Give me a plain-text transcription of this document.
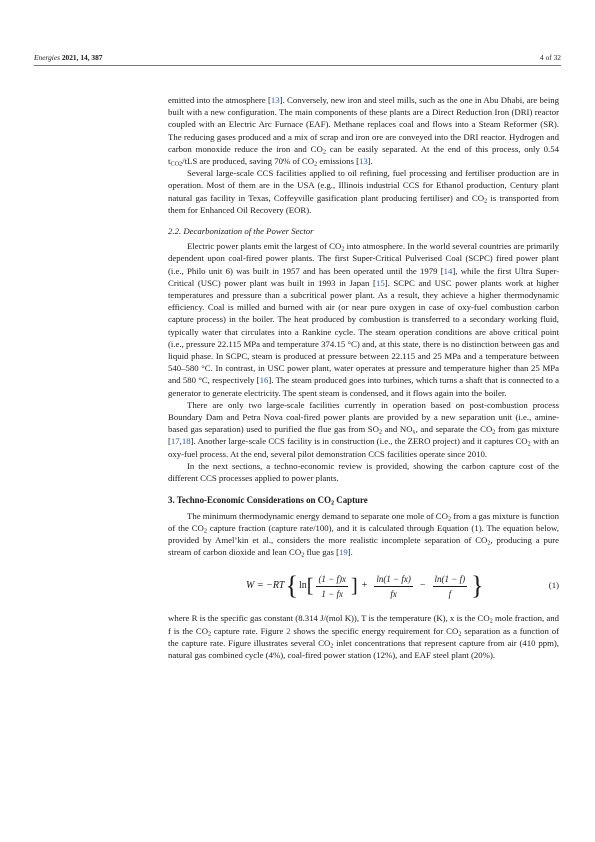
Energies 2021, 14, 387	4 of 32

emitted into the atmosphere [13]. Conversely, new iron and steel mills, such as the one in Abu Dhabi, are being built with a new configuration. The main components of these plants are a Direct Reduction Iron (DRI) reactor coupled with an Electric Arc Furnace (EAF). Methane replaces coal and flows into a Steam Reformer (SR). The reducing gases produced and a mix of scrap and iron ore are conveyed into the DRI reactor. Hydrogen and carbon monoxide reduce the iron and $CO_2$ can be easily separated. At the end of this process, only 0.54 $t_{CO2}$/tLS are produced, saving 70% of $CO_2$ emissions [13].

Several large-scale CCS facilities applied to oil refining, fuel processing and fertiliser production are in operation. Most of them are in the USA (e.g., Illinois industrial CCS for Ethanol production, Century plant natural gas facility in Texas, Coffeyville gasification plant producing fertiliser) and $CO_2$ is transported from them for Enhanced Oil Recovery (EOR).

2.2. Decarbonization of the Power Sector

Electric power plants emit the largest of $CO_2$ into atmosphere. In the world several countries are primarily dependent upon coal-fired power plants. The first Super-Critical Pulverised Coal (SCPC) fired power plant (i.e., Philo unit 6) was built in 1957 and has been operated until the 1979 [14], while the first Ultra Super-Critical (USC) power plant was built in 1993 in Japan [15]. SCPC and USC power plants work at higher temperatures and pressure than a subcritical power plant. As a result, they achieve a higher thermodynamic efficiency. Coal is milled and burned with air (or near pure oxygen in case of oxy-fuel combustion carbon capture process) in the boiler. The heat produced by combustion is transferred to a secondary working fluid, typically water that circulates into a Rankine cycle. The steam operation conditions are above critical point (i.e., pressure 22.115 MPa and temperature 374.15 °C) and, at this state, there is no distinction between gas and liquid phase. In SCPC, steam is produced at pressure between 22.115 and 25 MPa and a temperature between 540–580 °C. In contrast, in USC power plant, water operates at pressure and temperature higher than 25 MPa and 580 °C, respectively [16]. The steam produced goes into turbines, which turns a shaft that is connected to a generator to generate electricity. The spent steam is condensed, and it flows again into the boiler.

There are only two large-scale facilities currently in operation based on post-combustion process Boundary Dam and Petra Nova coal-fired power plants are provided by a new separation unit (i.e., amine-based gas separation) used to purified the flue gas from $SO_2$ and $NO_x$, and separate the $CO_2$ from gas mixture [17,18]. Another large-scale CCS facility is in construction (i.e., the ZERO project) and it captures $CO_2$ with an oxy-fuel process. At the end, several pilot demonstration CCS facilities operate since 2010.

In the next sections, a techno-economic review is provided, showing the carbon capture cost of the different CCS processes applied to power plants.

3. Techno-Economic Considerations on $CO_2$ Capture

The minimum thermodynamic energy demand to separate one mole of $CO_2$ from a gas mixture is function of the $CO_2$ capture fraction (capture rate/100), and it is calculated through Equation (1). The equation below, provided by Amel’kin et al., considers the more realistic incomplete separation of $CO_2$, producing a pure stream of carbon dioxide and lean $CO_2$ flue gas [19].

W = −RT { ln [ $\frac{(1 - f)x}{1 - fx}$ ] + $\frac{\ln(1 - fx)}{fx} - \frac{\ln(1 - f)}{f}$ }	(1)

where R is the specific gas constant (8.314 J/(mol K)), T is the temperature (K), x is the $CO_2$ mole fraction, and f is the $CO_2$ capture rate. Figure 2 shows the specific energy requirement for $CO_2$ separation as a function of the capture rate. Figure illustrates several $CO_2$ inlet concentrations that represent capture from air (410 ppm), natural gas combined cycle (4%), coal-fired power station (12%), and EAF steel plant (20%).
